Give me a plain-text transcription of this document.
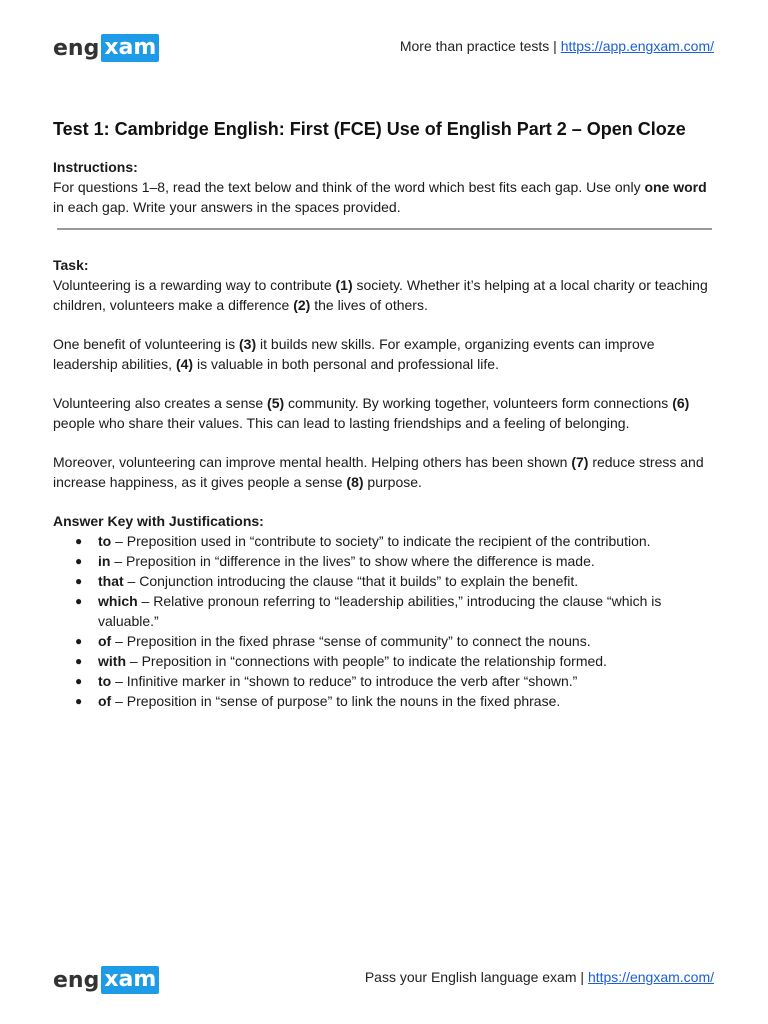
eng xam	More than practice tests | https://app.engxam.com/
Test 1: Cambridge English: First (FCE) Use of English Part 2 – Open Cloze

Instructions:

For questions 1–8, read the text below and think of the word which best fits each gap. Use only one word in each gap. Write your answers in the spaces provided.

Task:

Volunteering is a rewarding way to contribute (1) society. Whether it’s helping at a local charity or teaching children, volunteers make a difference (2) the lives of others.

One benefit of volunteering is (3) it builds new skills. For example, organizing events can improve leadership abilities, (4) is valuable in both personal and professional life.

Volunteering also creates a sense (5) community. By working together, volunteers form connections (6) people who share their values. This can lead to lasting friendships and a feeling of belonging.

Moreover, volunteering can improve mental health. Helping others has been shown (7) reduce stress and increase happiness, as it gives people a sense (8) purpose.

Answer Key with Justifications:

● to – Preposition used in “contribute to society” to indicate the recipient of the contribution.
● in – Preposition in “difference in the lives” to show where the difference is made.
● that – Conjunction introducing the clause “that it builds” to explain the benefit.
● which – Relative pronoun referring to “leadership abilities,” introducing the clause “which is valuable.”
● of – Preposition in the fixed phrase “sense of community” to connect the nouns.
● with – Preposition in “connections with people” to indicate the relationship formed.
● to – Infinitive marker in “shown to reduce” to introduce the verb after “shown.”
● of – Preposition in “sense of purpose” to link the nouns in the fixed phrase.
eng xam	Pass your English language exam | https://engxam.com/
